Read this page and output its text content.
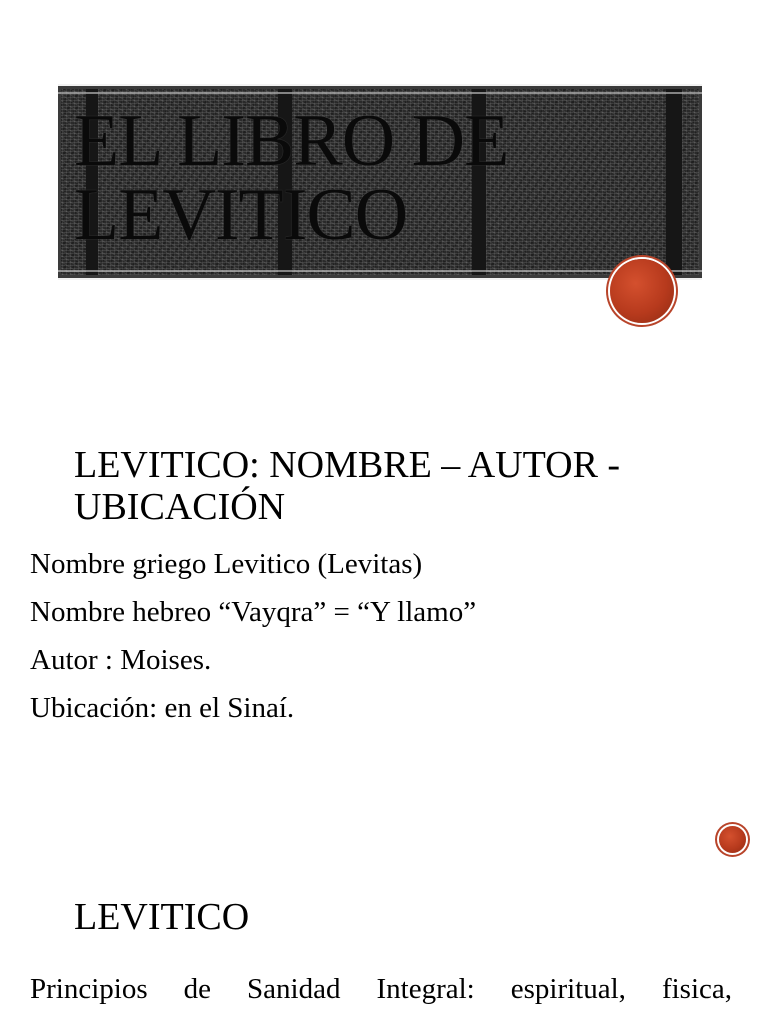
EL LIBRO DE LEVITICO
LEVITICO: NOMBRE – AUTOR - UBICACIÓN
Nombre griego Levitico (Levitas)
Nombre hebreo “Vayqra” = “Y llamo”
Autor : Moises.
Ubicación: en el Sinaí.
LEVITICO

Principios de Sanidad Integral: espiritual, fisica,
